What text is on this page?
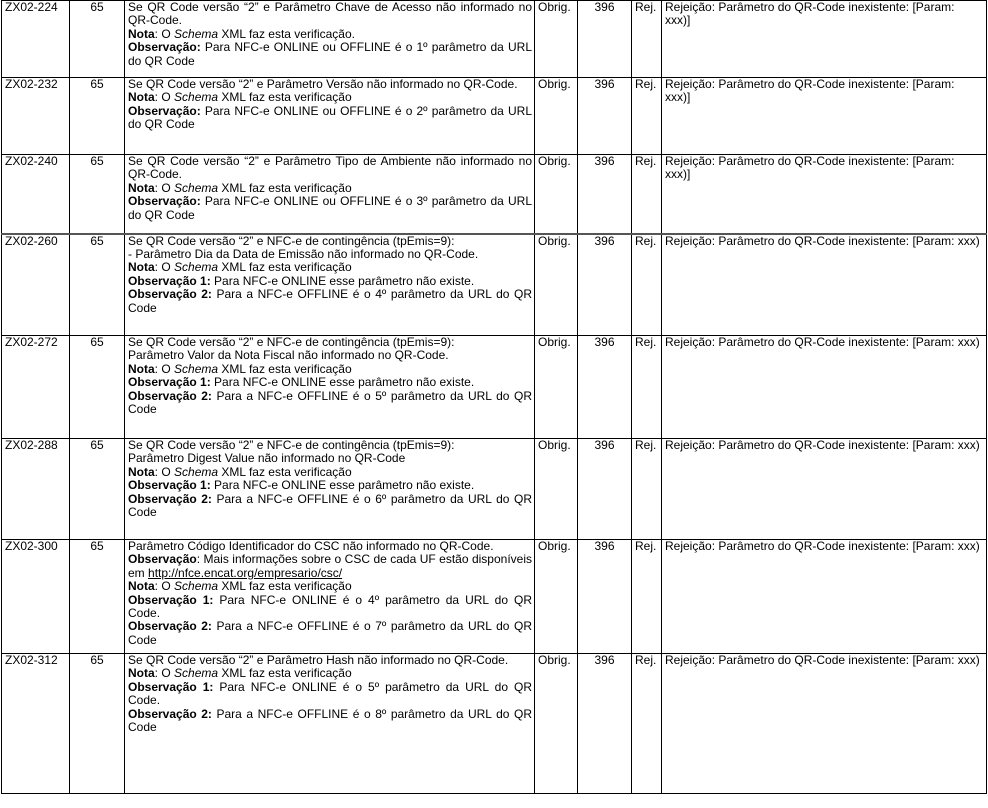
ZX02-224	65	Se QR Code versão “2” e Parâmetro Chave de Acesso não informado no QR-Code.
Nota: O Schema XML faz esta verificação.
Observação: Para NFC-e ONLINE ou OFFLINE é o 1º parâmetro da URL do QR Code	Obrig.	396	Rej.	Rejeição: Parâmetro do QR-Code inexistente: [Param: xxx)]
ZX02-232	65	Se QR Code versão “2” e Parâmetro Versão não informado no QR-Code.
Nota: O Schema XML faz esta verificação
Observação: Para NFC-e ONLINE ou OFFLINE é o 2º parâmetro da URL do QR Code	Obrig.	396	Rej.	Rejeição: Parâmetro do QR-Code inexistente: [Param: xxx)]
ZX02-240	65	Se QR Code versão “2” e Parâmetro Tipo de Ambiente não informado no QR-Code.
Nota: O Schema XML faz esta verificação
Observação: Para NFC-e ONLINE ou OFFLINE é o 3º parâmetro da URL do QR Code	Obrig.	396	Rej.	Rejeição: Parâmetro do QR-Code inexistente: [Param: xxx)]
ZX02-260	65	Se QR Code versão “2” e NFC-e de contingência (tpEmis=9):
- Parâmetro Dia da Data de Emissão não informado no QR-Code.
Nota: O Schema XML faz esta verificação
Observação 1: Para NFC-e ONLINE esse parâmetro não existe.
Observação 2: Para a NFC-e OFFLINE é o 4º parâmetro da URL do QR Code	Obrig.	396	Rej.	Rejeição: Parâmetro do QR-Code inexistente: [Param: xxx)
ZX02-272	65	Se QR Code versão “2” e NFC-e de contingência (tpEmis=9):
Parâmetro Valor da Nota Fiscal não informado no QR-Code.
Nota: O Schema XML faz esta verificação
Observação 1: Para NFC-e ONLINE esse parâmetro não existe.
Observação 2: Para a NFC-e OFFLINE é o 5º parâmetro da URL do QR Code	Obrig.	396	Rej.	Rejeição: Parâmetro do QR-Code inexistente: [Param: xxx)
ZX02-288	65	Se QR Code versão “2” e NFC-e de contingência (tpEmis=9):
Parâmetro Digest Value não informado no QR-Code
Nota: O Schema XML faz esta verificação
Observação 1: Para NFC-e ONLINE esse parâmetro não existe.
Observação 2: Para a NFC-e OFFLINE é o 6º parâmetro da URL do QR Code	Obrig.	396	Rej.	Rejeição: Parâmetro do QR-Code inexistente: [Param: xxx)
ZX02-300	65	Parâmetro Código Identificador do CSC não informado no QR-Code.
Observação: Mais informações sobre o CSC de cada UF estão disponíveis em http://nfce.encat.org/empresario/csc/
Nota: O Schema XML faz esta verificação
Observação 1: Para NFC-e ONLINE é o 4º parâmetro da URL do QR Code.
Observação 2: Para a NFC-e OFFLINE é o 7º parâmetro da URL do QR Code	Obrig.	396	Rej.	Rejeição: Parâmetro do QR-Code inexistente: [Param: xxx)
ZX02-312	65	Se QR Code versão “2” e Parâmetro Hash não informado no QR-Code.
Nota: O Schema XML faz esta verificação
Observação 1: Para NFC-e ONLINE é o 5º parâmetro da URL do QR Code.
Observação 2: Para a NFC-e OFFLINE é o 8º parâmetro da URL do QR Code	Obrig.	396	Rej.	Rejeição: Parâmetro do QR-Code inexistente: [Param: xxx)
